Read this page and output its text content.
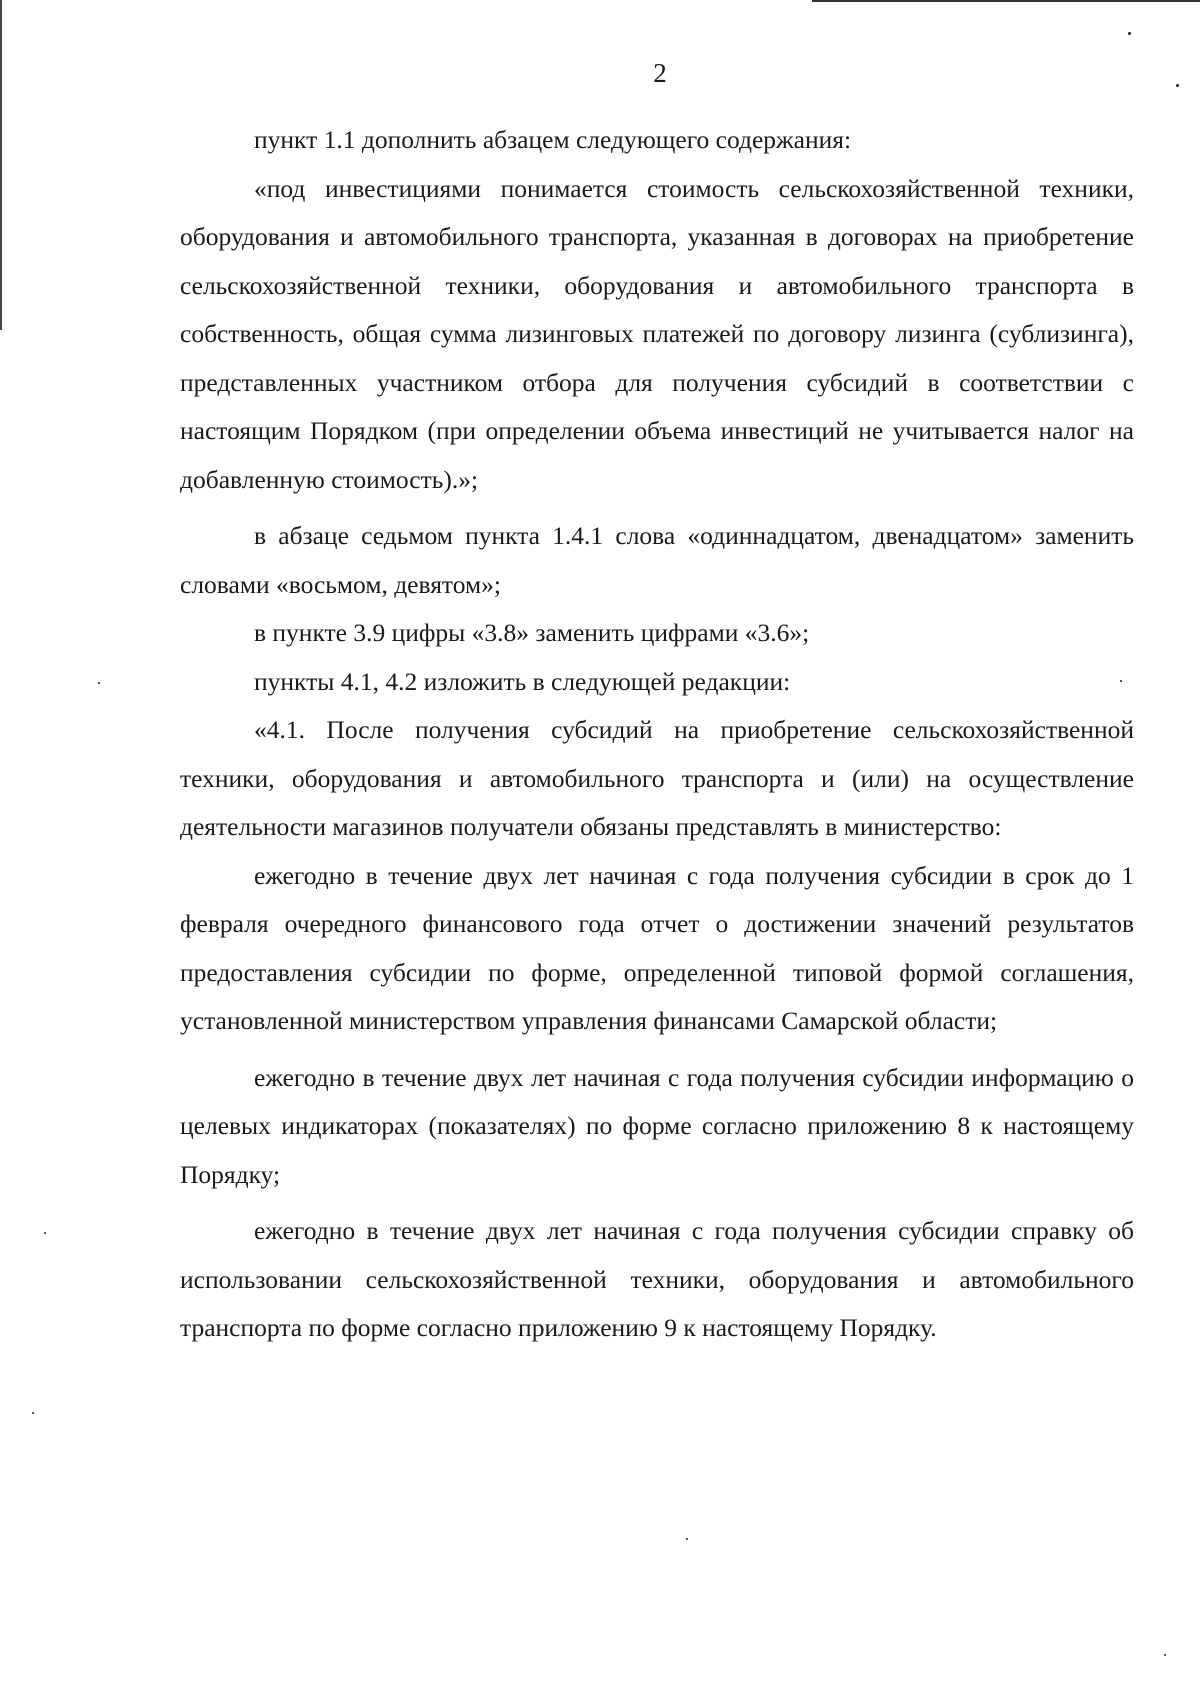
2

пункт 1.1 дополнить абзацем следующего содержания:

«под инвестициями понимается стоимость сельскохозяйственной техники, оборудования и автомобильного транспорта, указанная в договорах на приобретение сельскохозяйственной техники, оборудования и автомобильного транспорта в собственность, общая сумма лизинговых платежей по договору лизинга (сублизинга), представленных участником отбора для получения субсидий в соответствии с настоящим Порядком (при определении объема инвестиций не учитывается налог на добавленную стоимость).»;

в абзаце седьмом пункта 1.4.1 слова «одиннадцатом, двенадцатом» заменить словами «восьмом, девятом»;

в пункте 3.9 цифры «3.8» заменить цифрами «3.6»;

пункты 4.1, 4.2 изложить в следующей редакции:

«4.1. После получения субсидий на приобретение сельскохозяйственной техники, оборудования и автомобильного транспорта и (или) на осуществление деятельности магазинов получатели обязаны представлять в министерство:

ежегодно в течение двух лет начиная с года получения субсидии в срок до 1 февраля очередного финансового года отчет о достижении значений результатов предоставления субсидии по форме, определенной типовой формой соглашения, установленной министерством управления финансами Самарской области;

ежегодно в течение двух лет начиная с года получения субсидии информацию о целевых индикаторах (показателях) по форме согласно приложению 8 к настоящему Порядку;

ежегодно в течение двух лет начиная с года получения субсидии справку об использовании сельскохозяйственной техники, оборудования и автомобильного транспорта по форме согласно приложению 9 к настоящему Порядку.
